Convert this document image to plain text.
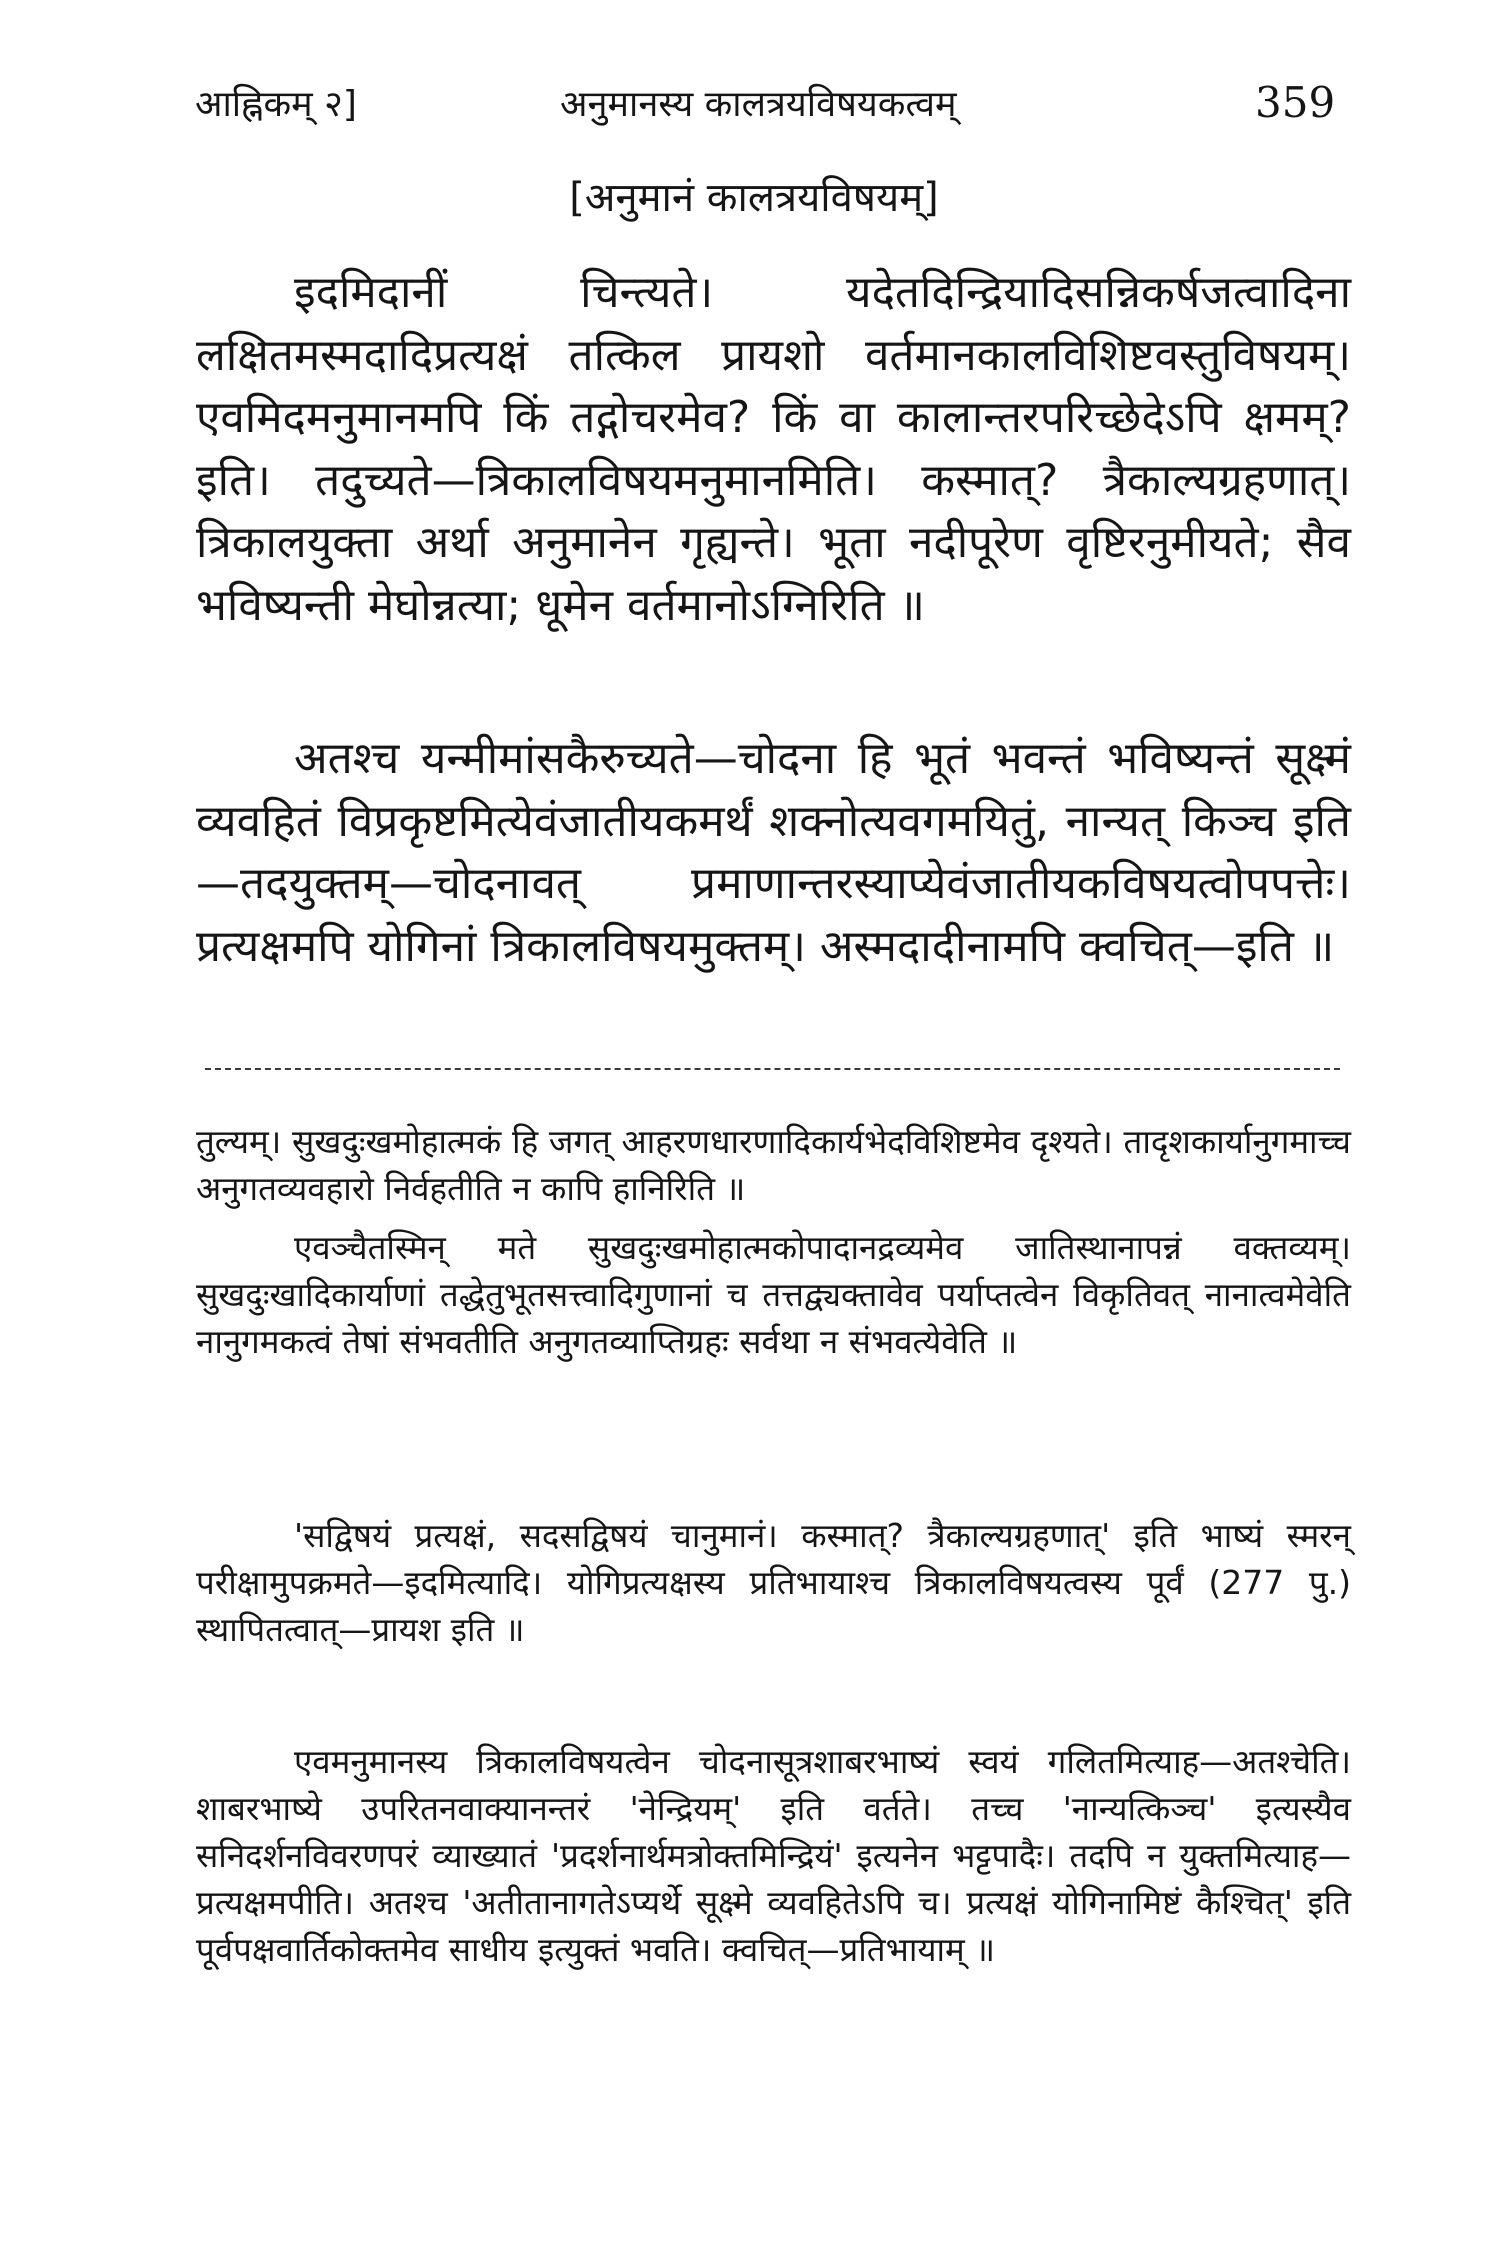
आह्निकम् २]	अनुमानस्य कालत्रयविषयकत्वम्	359
[अनुमानं कालत्रयविषयम्]

इदमिदानीं चिन्त्यते। यदेतदिन्द्रियादिसन्निकर्षजत्वादिना लक्षितमस्मदादिप्रत्यक्षं तत्किल प्रायशो वर्तमानकालविशिष्टवस्तुविषयम्। एवमिदमनुमानमपि किं तद्गोचरमेव? किं वा कालान्तरपरिच्छेदेऽपि क्षमम्? इति। तदुच्यते—त्रिकालविषयमनुमानमिति। कस्मात्? त्रैकाल्यग्रहणात्। त्रिकालयुक्ता अर्था अनुमानेन गृह्यन्ते। भूता नदीपूरेण वृष्टिरनुमीयते; सैव भविष्यन्ती मेघोन्नत्या; धूमेन वर्तमानोऽग्निरिति ॥

अतश्च यन्मीमांसकैरुच्यते—चोदना हि भूतं भवन्तं भविष्यन्तं सूक्ष्मं व्यवहितं विप्रकृष्टमित्येवंजातीयकमर्थं शक्नोत्यवगमयितुं, नान्यत् किञ्च इति—तदयुक्तम्—चोदनावत् प्रमाणान्तरस्याप्येवंजातीयकविषयत्वोपपत्तेः। प्रत्यक्षमपि योगिनां त्रिकालविषयमुक्तम्। अस्मदादीनामपि क्वचित्—इति ॥

तुल्यम्। सुखदुःखमोहात्मकं हि जगत् आहरणधारणादिकार्यभेदविशिष्टमेव दृश्यते। तादृशकार्यानुगमाच्च अनुगतव्यवहारो निर्वहतीति न कापि हानिरिति ॥

एवञ्चैतस्मिन् मते सुखदुःखमोहात्मकोपादानद्रव्यमेव जातिस्थानापन्नं वक्तव्यम्। सुखदुःखादिकार्याणां तद्धेतुभूतसत्त्वादिगुणानां च तत्तद्व्यक्तावेव पर्याप्तत्वेन विकृतिवत् नानात्वमेवेति नानुगमकत्वं तेषां संभवतीति अनुगतव्याप्तिग्रहः सर्वथा न संभवत्येवेति ॥

'सद्विषयं प्रत्यक्षं, सदसद्विषयं चानुमानं। कस्मात्? त्रैकाल्यग्रहणात्' इति भाष्यं स्मरन् परीक्षामुपक्रमते—इदमित्यादि। योगिप्रत्यक्षस्य प्रतिभायाश्च त्रिकालविषयत्वस्य पूर्वं (277 पु.) स्थापितत्वात्—प्रायश इति ॥

एवमनुमानस्य त्रिकालविषयत्वेन चोदनासूत्रशाबरभाष्यं स्वयं गलितमित्याह—अतश्चेति। शाबरभाष्ये उपरितनवाक्यानन्तरं 'नेन्द्रियम्' इति वर्तते। तच्च 'नान्यत्किञ्च' इत्यस्यैव सनिदर्शनविवरणपरं व्याख्यातं 'प्रदर्शनार्थमत्रोक्तमिन्द्रियं' इत्यनेन भट्टपादैः। तदपि न युक्तमित्याह—प्रत्यक्षमपीति। अतश्च 'अतीतानागतेऽप्यर्थे सूक्ष्मे व्यवहितेऽपि च। प्रत्यक्षं योगिनामिष्टं कैश्चित्' इति पूर्वपक्षवार्तिकोक्तमेव साधीय इत्युक्तं भवति। क्वचित्—प्रतिभायाम् ॥
